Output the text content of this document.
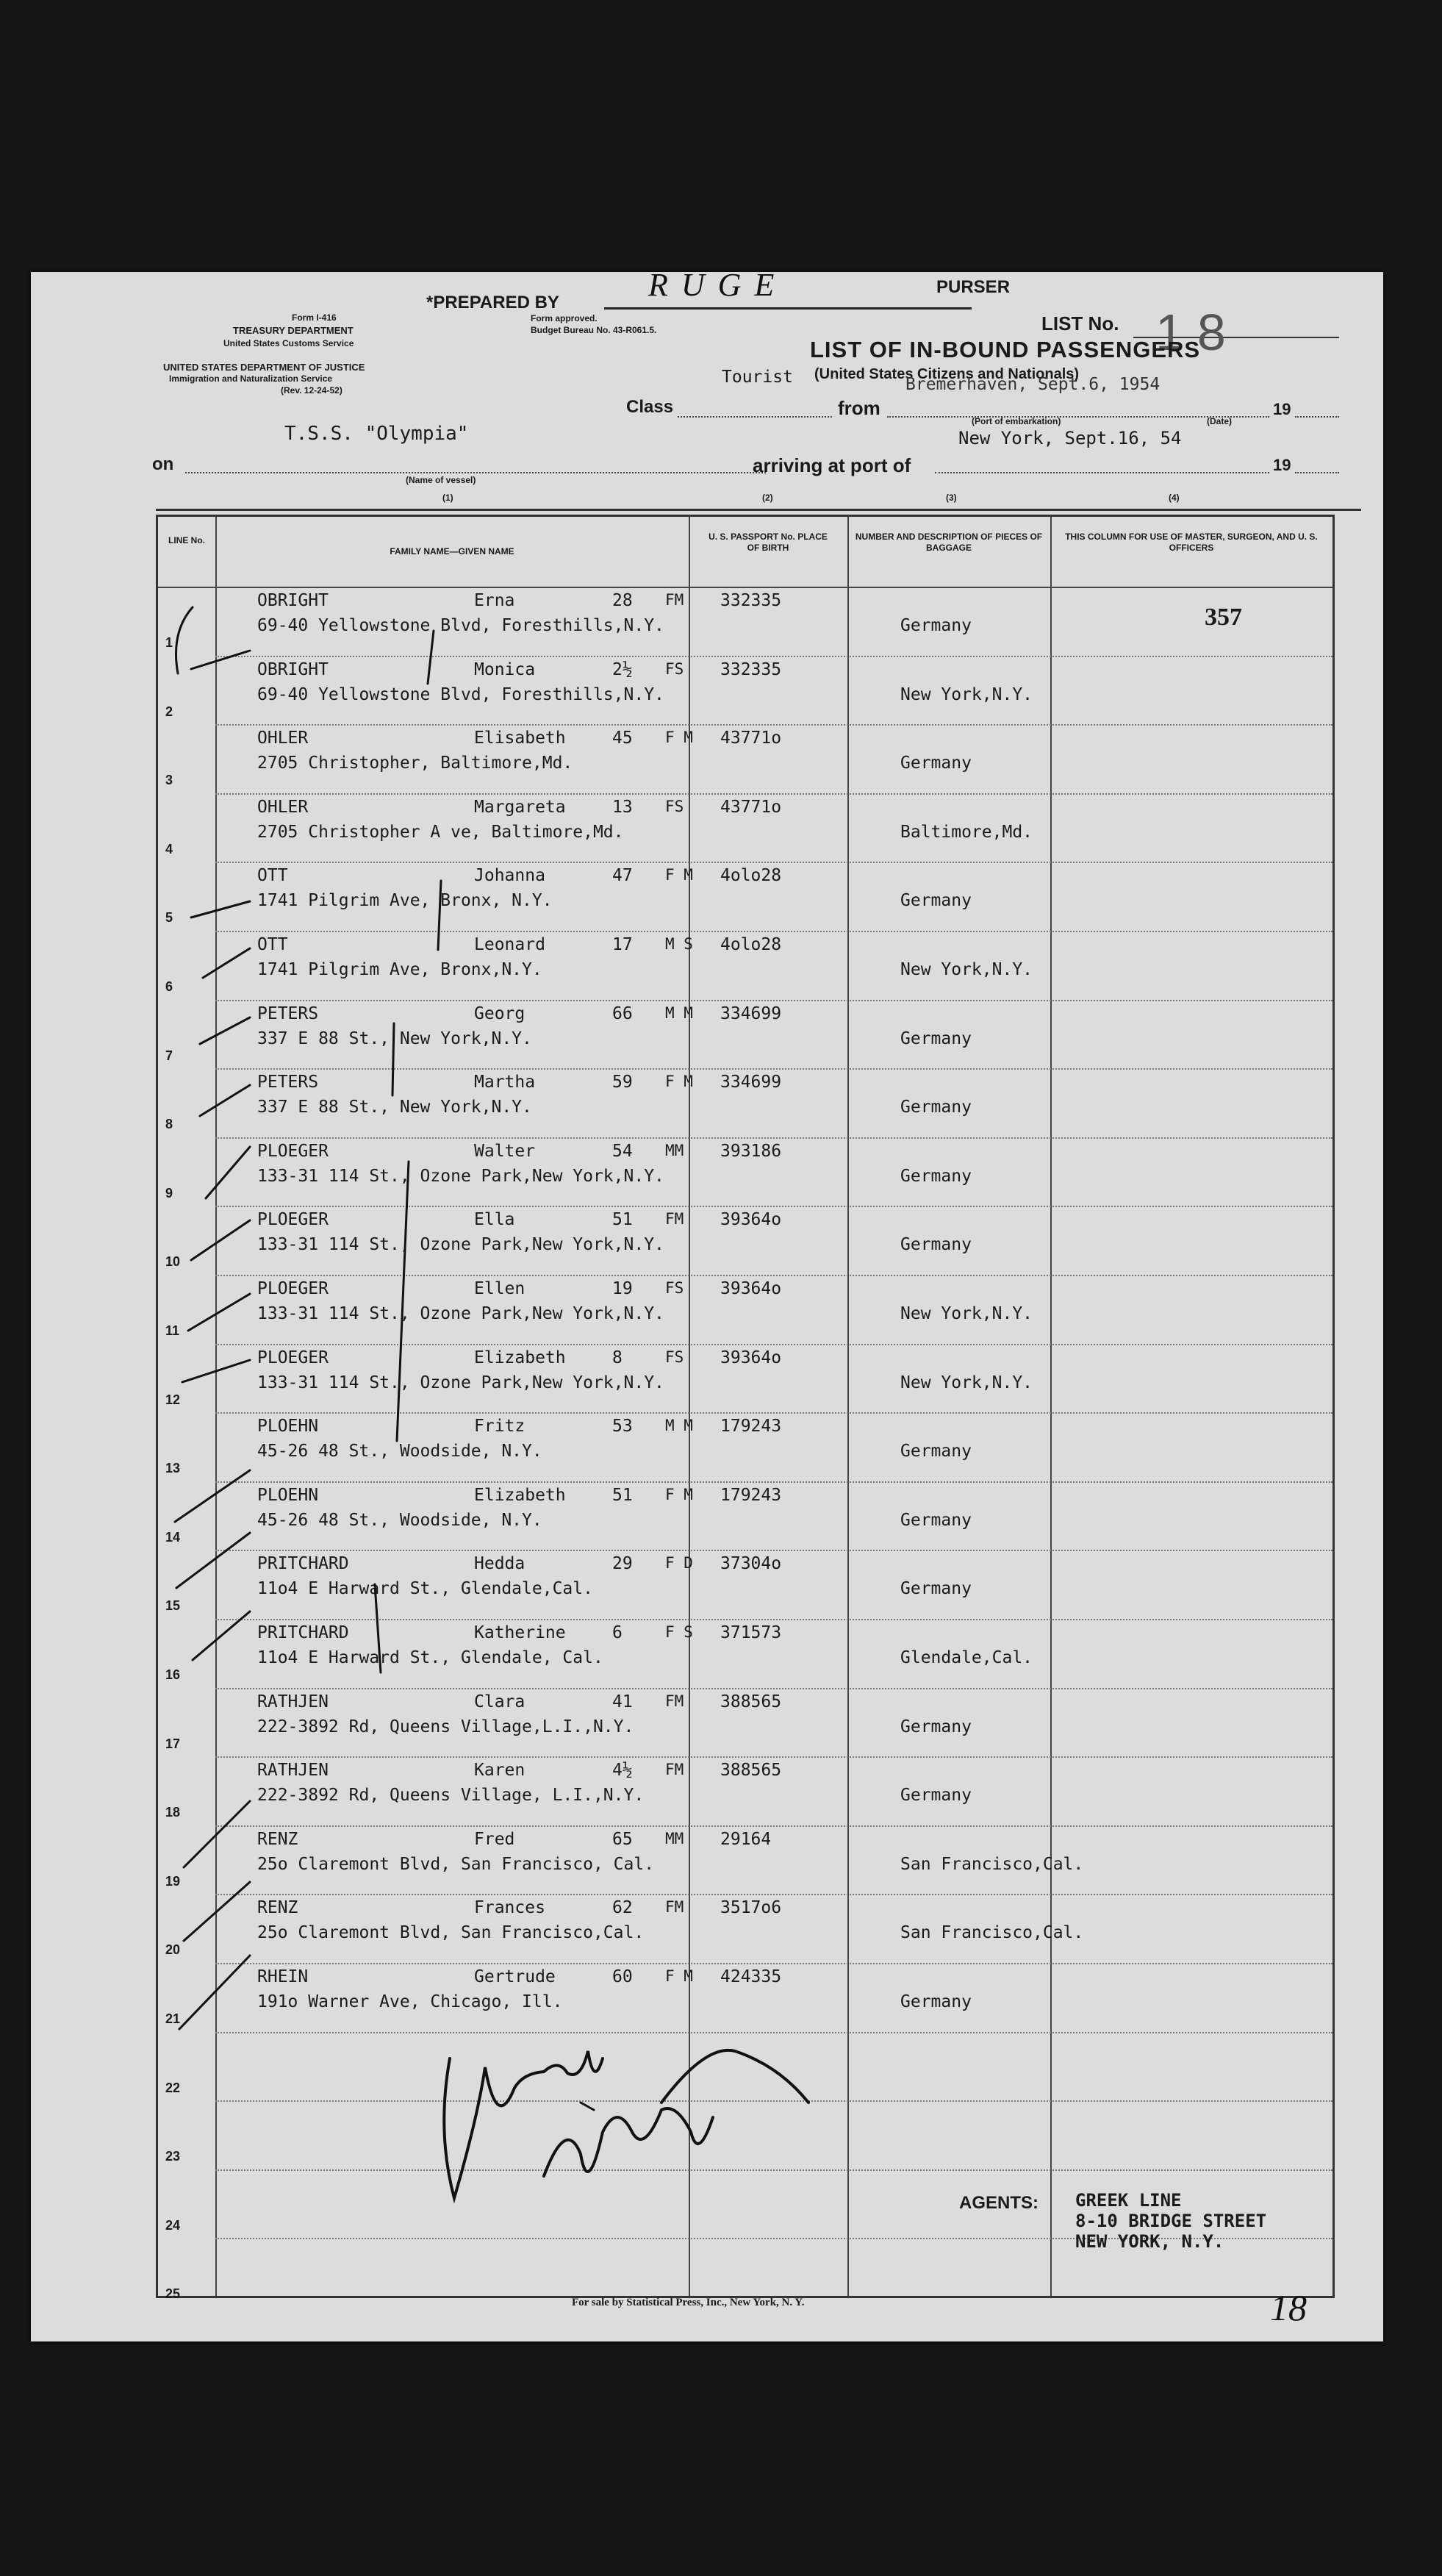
Form I-416
TREASURY DEPARTMENT
United States Customs Service
UNITED STATES DEPARTMENT OF JUSTICE
Immigration and Naturalization Service
(Rev. 12-24-52)
*PREPARED BY	RUGE	PURSER
Form approved.
Budget Bureau No. 43-R061.5.	LIST No. 18
LIST OF IN-BOUND PASSENGERS
Tourist (United States Citizens and Nationals)
Class	from
Bremerhaven, Sept.6, 1954
19
(Port of embarkation)	(Date)
T.S.S. "Olympia"
on
(Name of vessel)
arriving at port of
New York, Sept.16, 54
19
(1)	(2)	(3)	(4)
LINE No.
FAMILY NAME—GIVEN NAME
U. S. PASSPORT No. PLACE OF BIRTH
NUMBER AND DESCRIPTION OF PIECES OF BAGGAGE
THIS COLUMN FOR USE OF MASTER, SURGEON, AND U. S. OFFICERS
357
1
OBRIGHT	Erna	28 FM
69-40 Yellowstone Blvd, Foresthills,N.Y.
332335
Germany
2
OBRIGHT	Monica	2½ FS
69-40 Yellowstone Blvd, Foresthills,N.Y.
332335
New York,N.Y.
3
OHLER	Elisabeth	45 F M
2705 Christopher, Baltimore,Md.
43771o
Germany
4
OHLER	Margareta	13 FS
2705 Christopher A ve, Baltimore,Md.
43771o
Baltimore,Md.
5
OTT	Johanna	47 F M
1741 Pilgrim Ave, Bronx, N.Y.
4olo28
Germany
6
OTT	Leonard	17 M S
1741 Pilgrim Ave, Bronx,N.Y.
4olo28
New York,N.Y.
7
PETERS	Georg	66 M M
337 E 88 St., New York,N.Y.
334699
Germany
8
PETERS	Martha	59 F M
337 E 88 St., New York,N.Y.
334699
Germany
9
PLOEGER	Walter	54 MM
133-31 114 St., Ozone Park,New York,N.Y.
393186
Germany
10
PLOEGER	Ella	51 FM
133-31 114 St., Ozone Park,New York,N.Y.
39364o
Germany
11
PLOEGER	Ellen	19 FS
133-31 114 St., Ozone Park,New York,N.Y.
39364o
New York,N.Y.
12
PLOEGER	Elizabeth	8	FS
133-31 114 St., Ozone Park,New York,N.Y.
39364o
New York,N.Y.
13
PLOEHN	Fritz	53 M M
45-26 48 St., Woodside, N.Y.
179243
Germany
14
PLOEHN	Elizabeth	51 F M
45-26 48 St., Woodside, N.Y.
179243
Germany
15
PRITCHARD	Hedda	29 F D
11o4 E Harward St., Glendale,Cal.
37304o
Germany
16
PRITCHARD	Katherine	6	F S
11o4 E Harward St., Glendale, Cal.
371573
Glendale,Cal.
17
RATHJEN	Clara	41 FM
222-3892 Rd, Queens Village,L.I.,N.Y.
388565
Germany
18
RATHJEN	Karen	4½ FM
222-3892 Rd, Queens Village, L.I.,N.Y.
388565
Germany
19
RENZ	Fred	65 MM
25o Claremont Blvd, San Francisco, Cal.
29164
San Francisco,Cal.
20
RENZ	Frances	62 FM
25o Claremont Blvd, San Francisco,Cal.
3517o6
San Francisco,Cal.
21
RHEIN	Gertrude	60 F M
191o Warner Ave, Chicago, Ill.
424335
Germany
22
23
24
25
AGENTS: GREEK LINE
8-10 BRIDGE STREET
NEW YORK, N.Y.
For sale by Statistical Press, Inc., New York, N. Y.	18
